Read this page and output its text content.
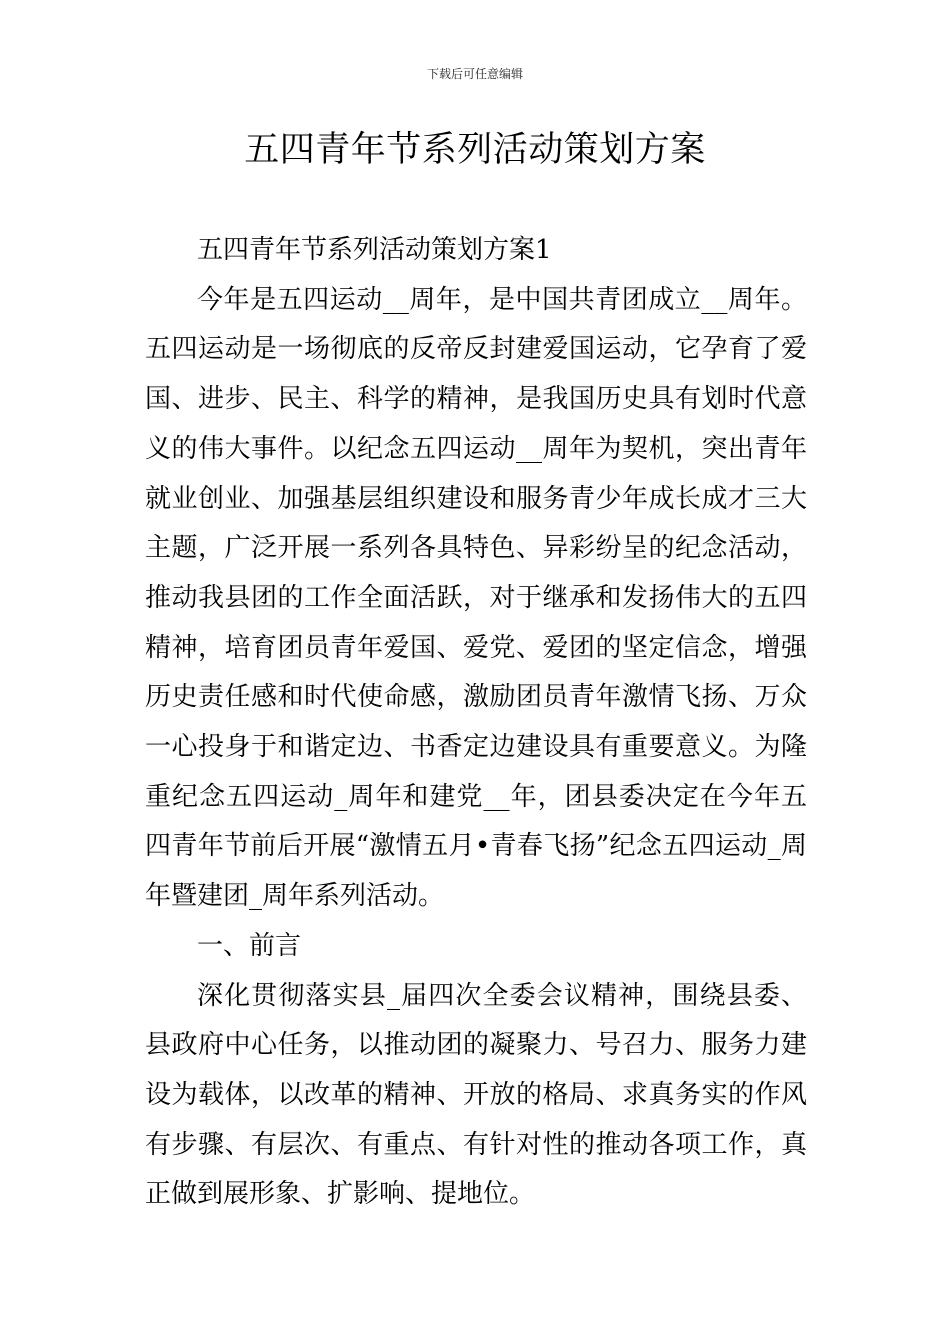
下载后可任意编辑
五四青年节系列活动策划方案

五四青年节系列活动策划方案1

今年是五四运动__周年，是中国共青团成立__周年。五四运动是一场彻底的反帝反封建爱国运动，它孕育了爱国、进步、民主、科学的精神，是我国历史具有划时代意义的伟大事件。以纪念五四运动__周年为契机，突出青年就业创业、加强基层组织建设和服务青少年成长成才三大主题，广泛开展一系列各具特色、异彩纷呈的纪念活动，推动我县团的工作全面活跃，对于继承和发扬伟大的五四精神，培育团员青年爱国、爱党、爱团的坚定信念，增强历史责任感和时代使命感，激励团员青年激情飞扬、万众一心投身于和谐定边、书香定边建设具有重要意义。为隆重纪念五四运动_周年和建党__年，团县委决定在今年五四青年节前后开展“激情五月•青春飞扬”纪念五四运动_周年暨建团_周年系列活动。

一、前言

深化贯彻落实县_届四次全委会议精神，围绕县委、县政府中心任务，以推动团的凝聚力、号召力、服务力建设为载体，以改革的精神、开放的格局、求真务实的作风有步骤、有层次、有重点、有针对性的推动各项工作，真正做到展形象、扩影响、提地位。
